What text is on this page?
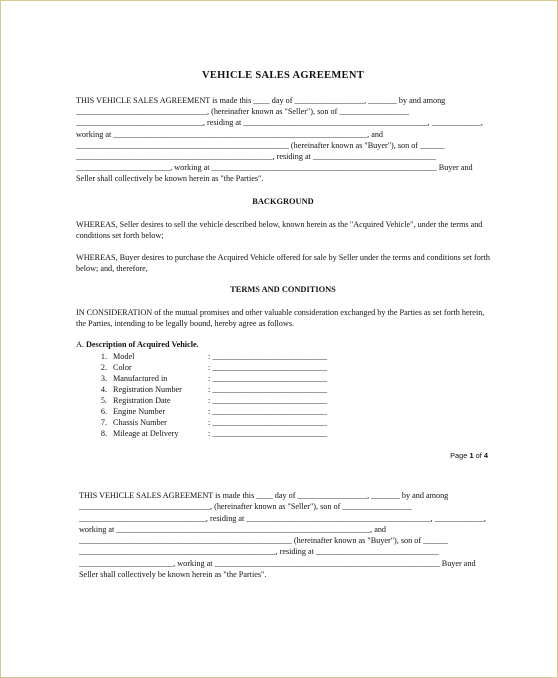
VEHICLE SALES AGREEMENT
THIS VEHICLE SALES AGREEMENT is made this ____ day of _________________, _______ by and among ________________________________, (hereinafter known as "Seller"), son of _________________ _______________________________, residing at _____________________________________________, ____________, working at ______________________________________________________________, and ____________________________________________________ (hereinafter known as "Buyer"), son of ______ ________________________________________________, residing at ______________________________ _______________________, working at _______________________________________________________ Buyer and Seller shall collectively be known herein as "the Parties".
BACKGROUND
WHEREAS, Seller desires to sell the vehicle described below, known herein as the "Acquired Vehicle", under the terms and conditions set forth below;
WHEREAS, Buyer desires to purchase the Acquired Vehicle offered for sale by Seller under the terms and conditions set forth below; and, therefore,
TERMS AND CONDITIONS
IN CONSIDERATION of the mutual promises and other valuable consideration exchanged by the Parties as set forth herein, the Parties, intending to be legally bound, hereby agree as follows.
A. Description of Acquired Vehicle.
1. Model	: ____________________________
2. Color	: ____________________________
3. Manufactured in	: ____________________________
4. Registration Number	: ____________________________
5. Registration Date	: ____________________________
6. Engine Number	: ____________________________
7. Chassis Number	: ____________________________
8. Mileage at Delivery	: ____________________________
Page 1 of 4
THIS VEHICLE SALES AGREEMENT is made this ____ day of _________________, _______ by and among ________________________________, (hereinafter known as "Seller"), son of _________________ _______________________________, residing at _____________________________________________, ____________, working at ______________________________________________________________, and ____________________________________________________ (hereinafter known as "Buyer"), son of ______ ________________________________________________, residing at ______________________________ _______________________, working at _______________________________________________________ Buyer and Seller shall collectively be known herein as "the Parties".
